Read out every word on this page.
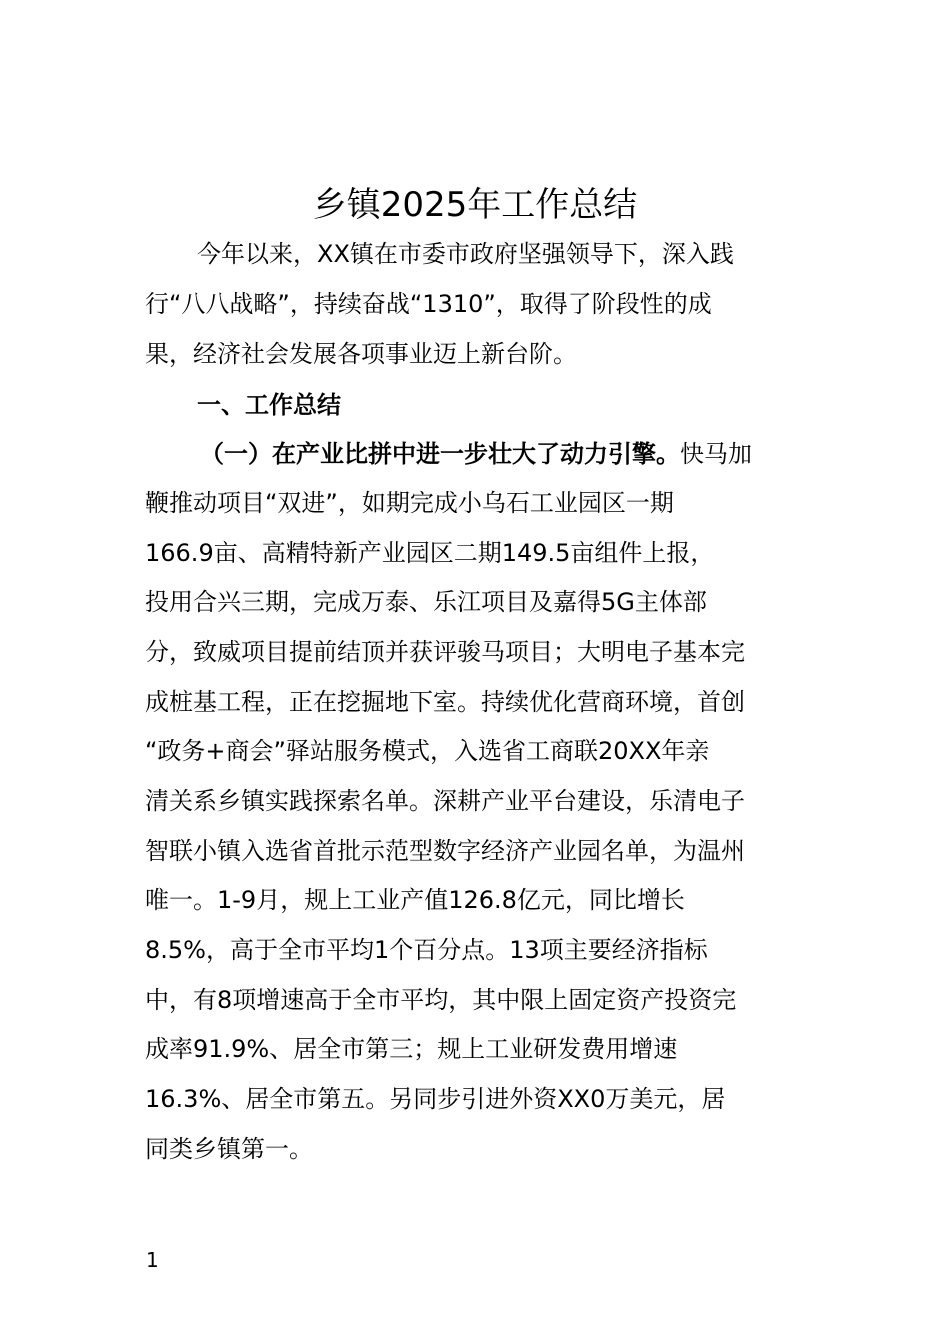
乡镇2025年工作总结
今年以来，XX镇在市委市政府坚强领导下，深入践
行“八八战略”，持续奋战“1310”，取得了阶段性的成
果，经济社会发展各项事业迈上新台阶。
一、工作总结
（一）在产业比拼中进一步壮大了动力引擎。快马加
鞭推动项目“双进”，如期完成小乌石工业园区一期
166.9亩、高精特新产业园区二期149.5亩组件上报，
投用合兴三期，完成万泰、乐江项目及嘉得5G主体部
分，致威项目提前结顶并获评骏马项目；大明电子基本完
成桩基工程，正在挖掘地下室。持续优化营商环境，首创
“政务+商会”驿站服务模式，入选省工商联20XX年亲
清关系乡镇实践探索名单。深耕产业平台建设，乐清电子
智联小镇入选省首批示范型数字经济产业园名单，为温州
唯一。1-9月，规上工业产值126.8亿元，同比增长
8.5%，高于全市平均1个百分点。13项主要经济指标
中，有8项增速高于全市平均，其中限上固定资产投资完
成率91.9%、居全市第三；规上工业研发费用增速
16.3%、居全市第五。另同步引进外资XX0万美元，居
同类乡镇第一。
1
